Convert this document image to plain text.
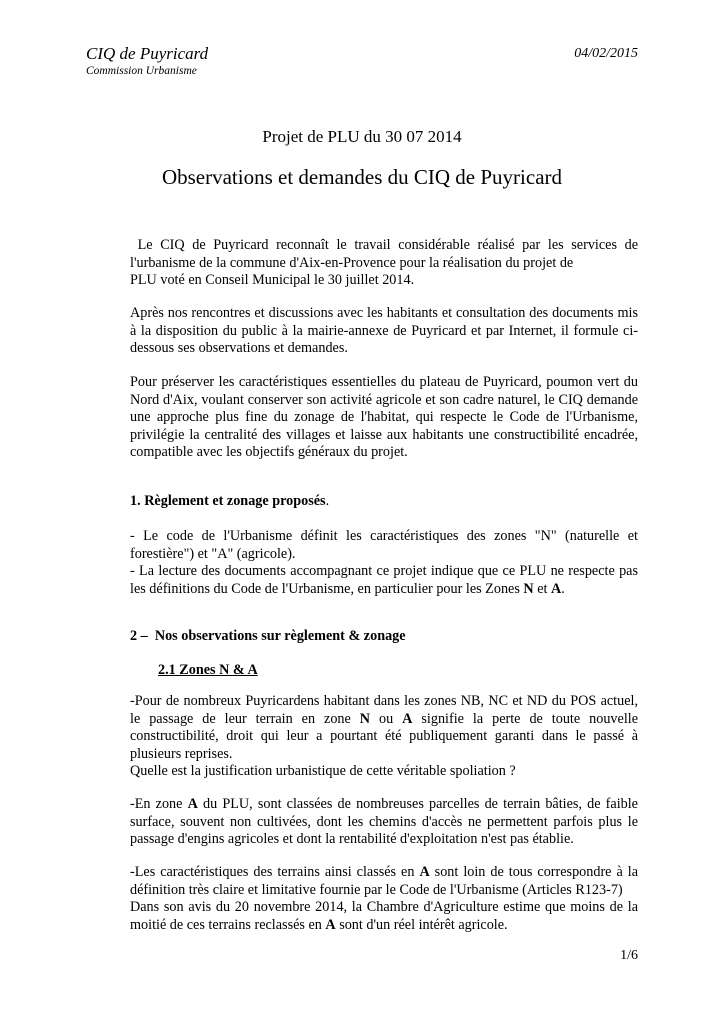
CIQ de Puyricard
Commission Urbanisme
04/02/2015
Projet de PLU du 30 07 2014
Observations et demandes du CIQ de Puyricard
Le CIQ de Puyricard reconnaît le travail considérable réalisé par les services de
l'urbanisme de la commune d'Aix-en-Provence pour la réalisation du projet de
PLU voté en Conseil Municipal le 30 juillet 2014.
Après nos rencontres et discussions avec les habitants et consultation des documents mis à la disposition du public à la mairie-annexe de Puyricard et par Internet, il formule ci-dessous ses observations et demandes.
Pour préserver les caractéristiques essentielles du plateau de Puyricard, poumon vert du Nord d'Aix, voulant conserver son activité agricole et son cadre naturel, le CIQ demande une approche plus fine du zonage de l'habitat, qui respecte le Code de l'Urbanisme, privilégie la centralité des villages et laisse aux habitants une constructibilité encadrée, compatible avec les objectifs généraux du projet.
1. Règlement et zonage proposés.
- Le code de l'Urbanisme définit les caractéristiques des zones "N" (naturelle et forestière") et "A" (agricole).
- La lecture des documents accompagnant ce projet indique que ce PLU ne respecte pas les définitions du Code de l'Urbanisme, en particulier pour les Zones N et A.
2 –  Nos observations sur règlement & zonage
2.1 Zones N & A
-Pour de nombreux Puyricardens habitant dans les zones NB, NC et ND du POS actuel, le passage de leur terrain en zone N ou A signifie la perte de toute nouvelle constructibilité, droit qui leur a pourtant été publiquement garanti dans le passé à plusieurs reprises.
Quelle est la justification urbanistique de cette véritable spoliation ?
-En zone A du PLU, sont classées de nombreuses parcelles de terrain bâties, de faible surface, souvent non cultivées, dont les chemins d'accès ne permettent parfois plus le passage d'engins agricoles et dont la rentabilité d'exploitation n'est pas établie.
-Les caractéristiques des terrains ainsi classés en A sont loin de tous correspondre à la définition très claire et limitative fournie par le Code de l'Urbanisme (Articles R123-7)
Dans son avis du 20 novembre 2014, la Chambre d'Agriculture estime que moins de la moitié de ces terrains reclassés en A sont d'un réel intérêt agricole.
1/6
